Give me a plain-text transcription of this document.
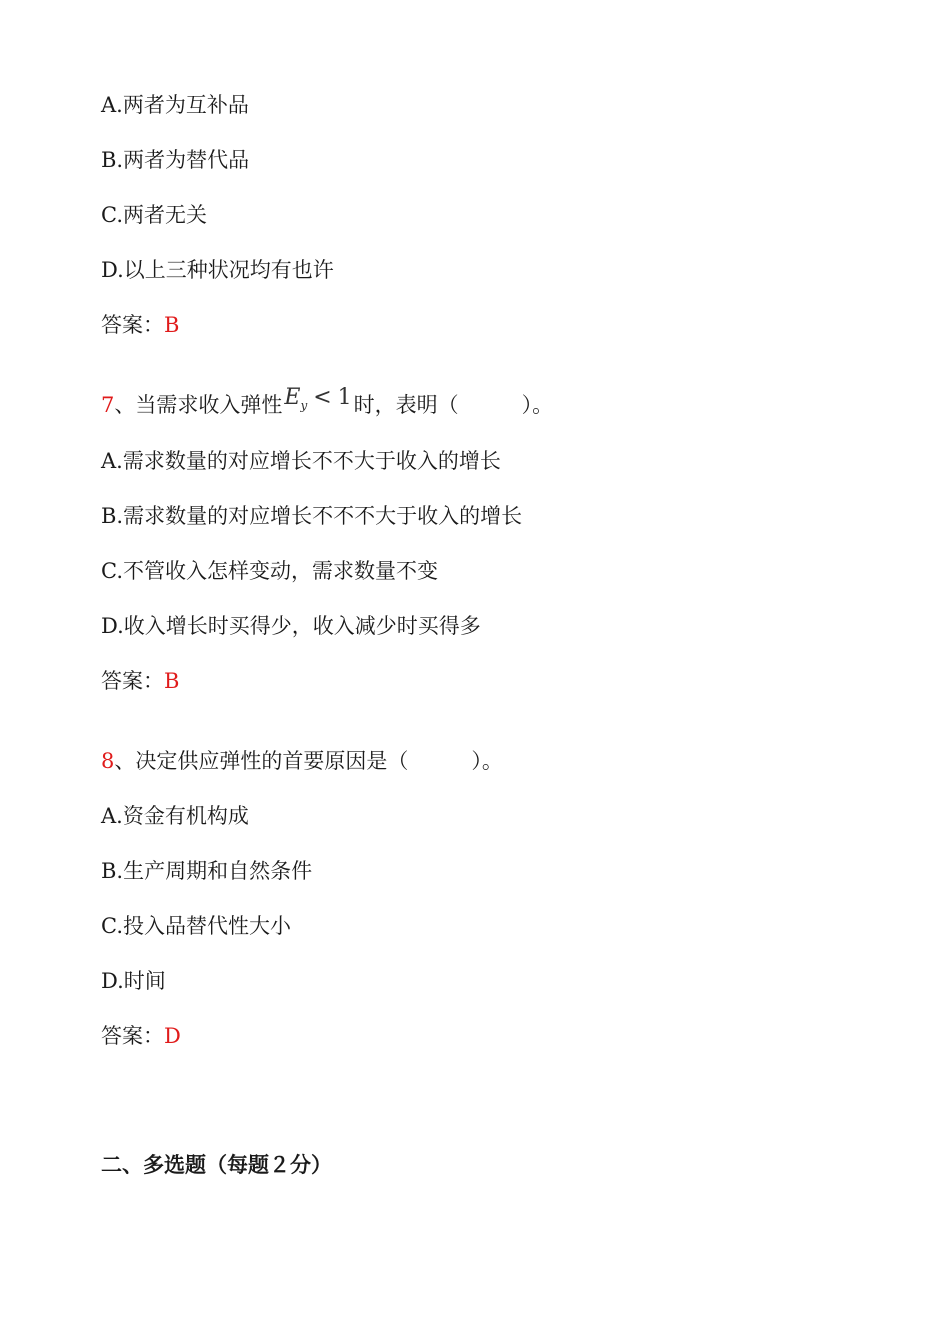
A.两者为互补品
B.两者为替代品
C.两者无关
D.以上三种状况均有也许
答案：B
7、当需求收入弹性$E_y < 1$时，表明（　　　）。
A.需求数量的对应增长不不大于收入的增长
B.需求数量的对应增长不不不大于收入的增长
C.不管收入怎样变动，需求数量不变
D.收入增长时买得少，收入减少时买得多
答案：B
8、决定供应弹性的首要原因是（　　　）。
A.资金有机构成
B.生产周期和自然条件
C.投入品替代性大小
D.时间
答案：D
二、多选题（每题２分）
